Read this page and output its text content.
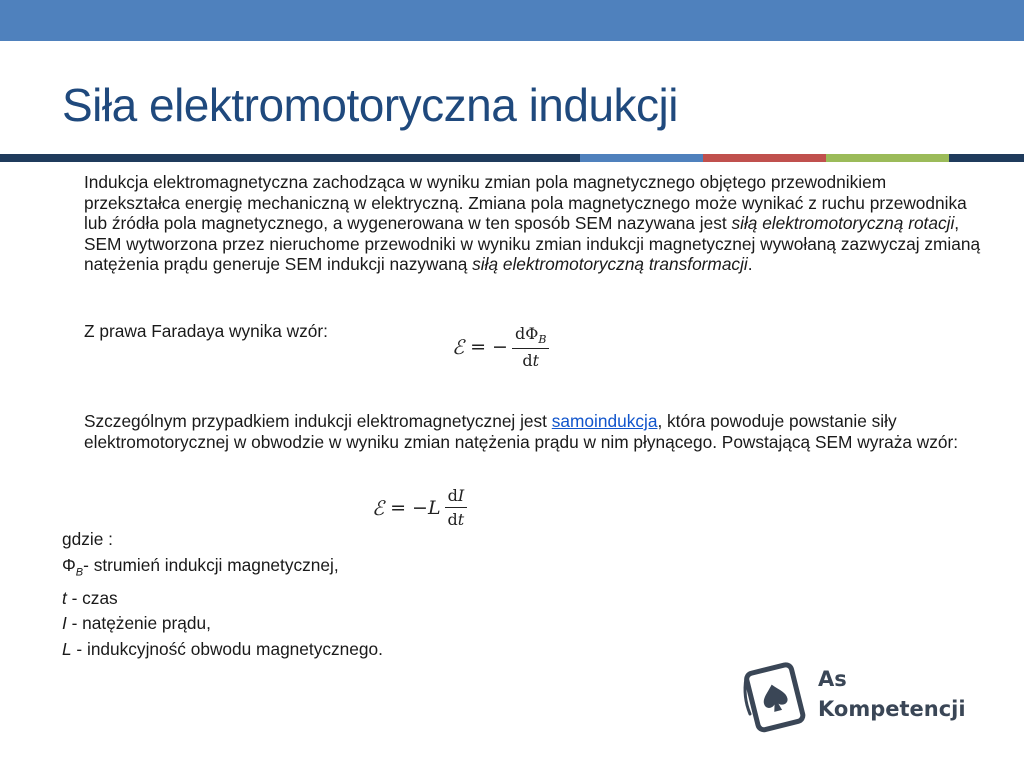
Siła elektromotoryczna indukcji

Indukcja elektromagnetyczna zachodząca w wyniku zmian pola magnetycznego objętego przewodnikiem przekształca energię mechaniczną w elektryczną. Zmiana pola magnetycznego może wynikać z ruchu przewodnika lub źródła pola magnetycznego, a wygenerowana w ten sposób SEM nazywana jest siłą elektromotoryczną rotacji, SEM wytworzona przez nieruchome przewodniki w wyniku zmian indukcji magnetycznej wywołaną zazwyczaj zmianą natężenia prądu generuje SEM indukcji nazywaną siłą elektromotoryczną transformacji.

Z prawa Faradaya wynika wzór:

ℰ = − $\frac{d\Phi_B}{dt}$

Szczególnym przypadkiem indukcji elektromagnetycznej jest samoindukcja, która powoduje powstanie siły elektromotorycznej w obwodzie w wyniku zmian natężenia prądu w nim płynącego. Powstającą SEM wyraża wzór:

ℰ = $-L \frac{dI}{dt}$
gdzie :
$\Phi_B-$ strumień indukcji magnetycznej,
t - czas
I - natężenie prądu,
L - indukcyjność obwodu magnetycznego.
As
Kompetencji
